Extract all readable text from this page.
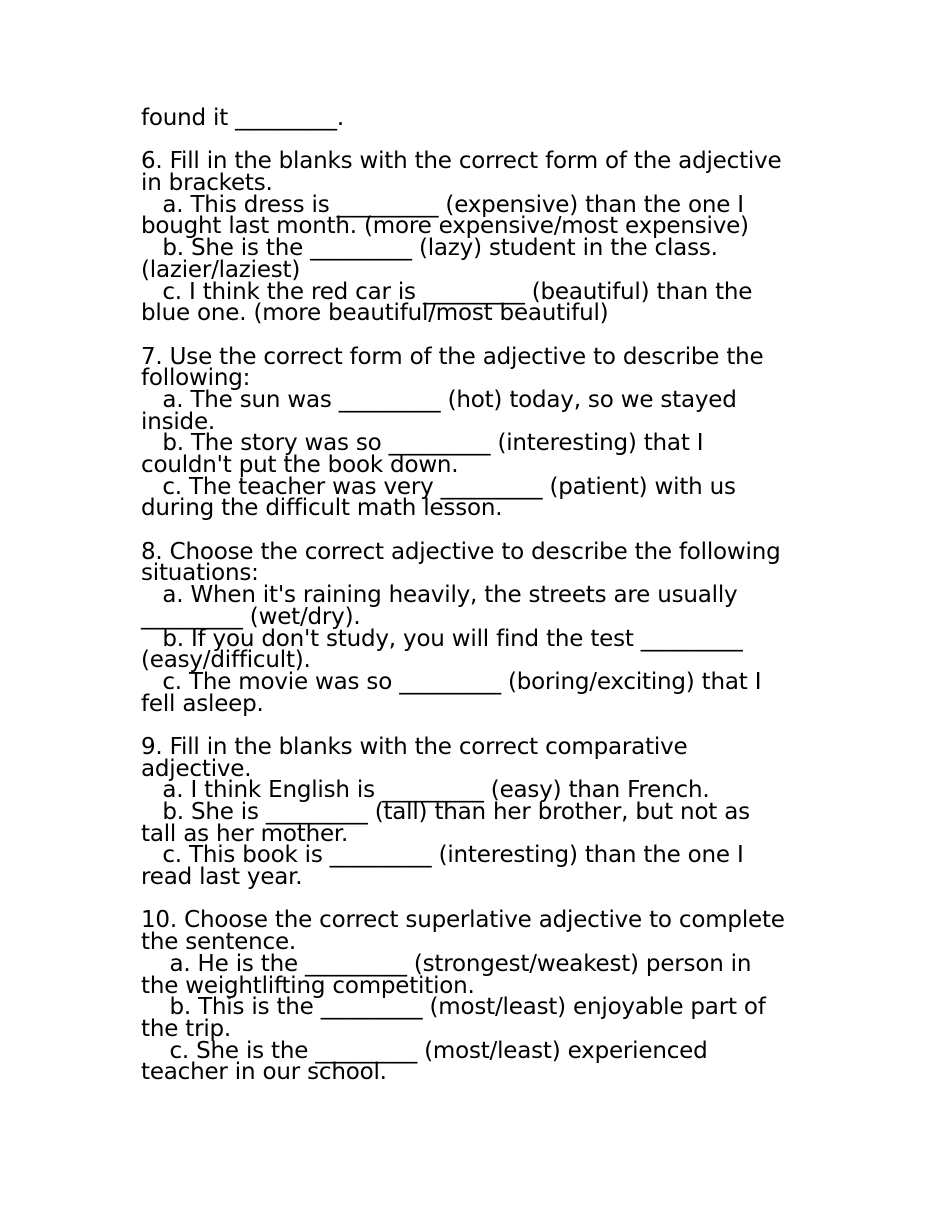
found it _________.
6. Fill in the blanks with the correct form of the adjective
in brackets.
a. This dress is _________ (expensive) than the one I
bought last month. (more expensive/most expensive)
b. She is the _________ (lazy) student in the class.
(lazier/laziest)
c. I think the red car is _________ (beautiful) than the
blue one. (more beautiful/most beautiful)
7. Use the correct form of the adjective to describe the
following:
a. The sun was _________ (hot) today, so we stayed
inside.
b. The story was so _________ (interesting) that I
couldn't put the book down.
c. The teacher was very _________ (patient) with us
during the difficult math lesson.
8. Choose the correct adjective to describe the following
situations:
a. When it's raining heavily, the streets are usually
_________ (wet/dry).
b. If you don't study, you will find the test _________
(easy/difficult).
c. The movie was so _________ (boring/exciting) that I
fell asleep.
9. Fill in the blanks with the correct comparative
adjective.
a. I think English is _________ (easy) than French.
b. She is _________ (tall) than her brother, but not as
tall as her mother.
c. This book is _________ (interesting) than the one I
read last year.
10. Choose the correct superlative adjective to complete
the sentence.
a. He is the _________ (strongest/weakest) person in
the weightlifting competition.
b. This is the _________ (most/least) enjoyable part of
the trip.
c. She is the _________ (most/least) experienced
teacher in our school.
